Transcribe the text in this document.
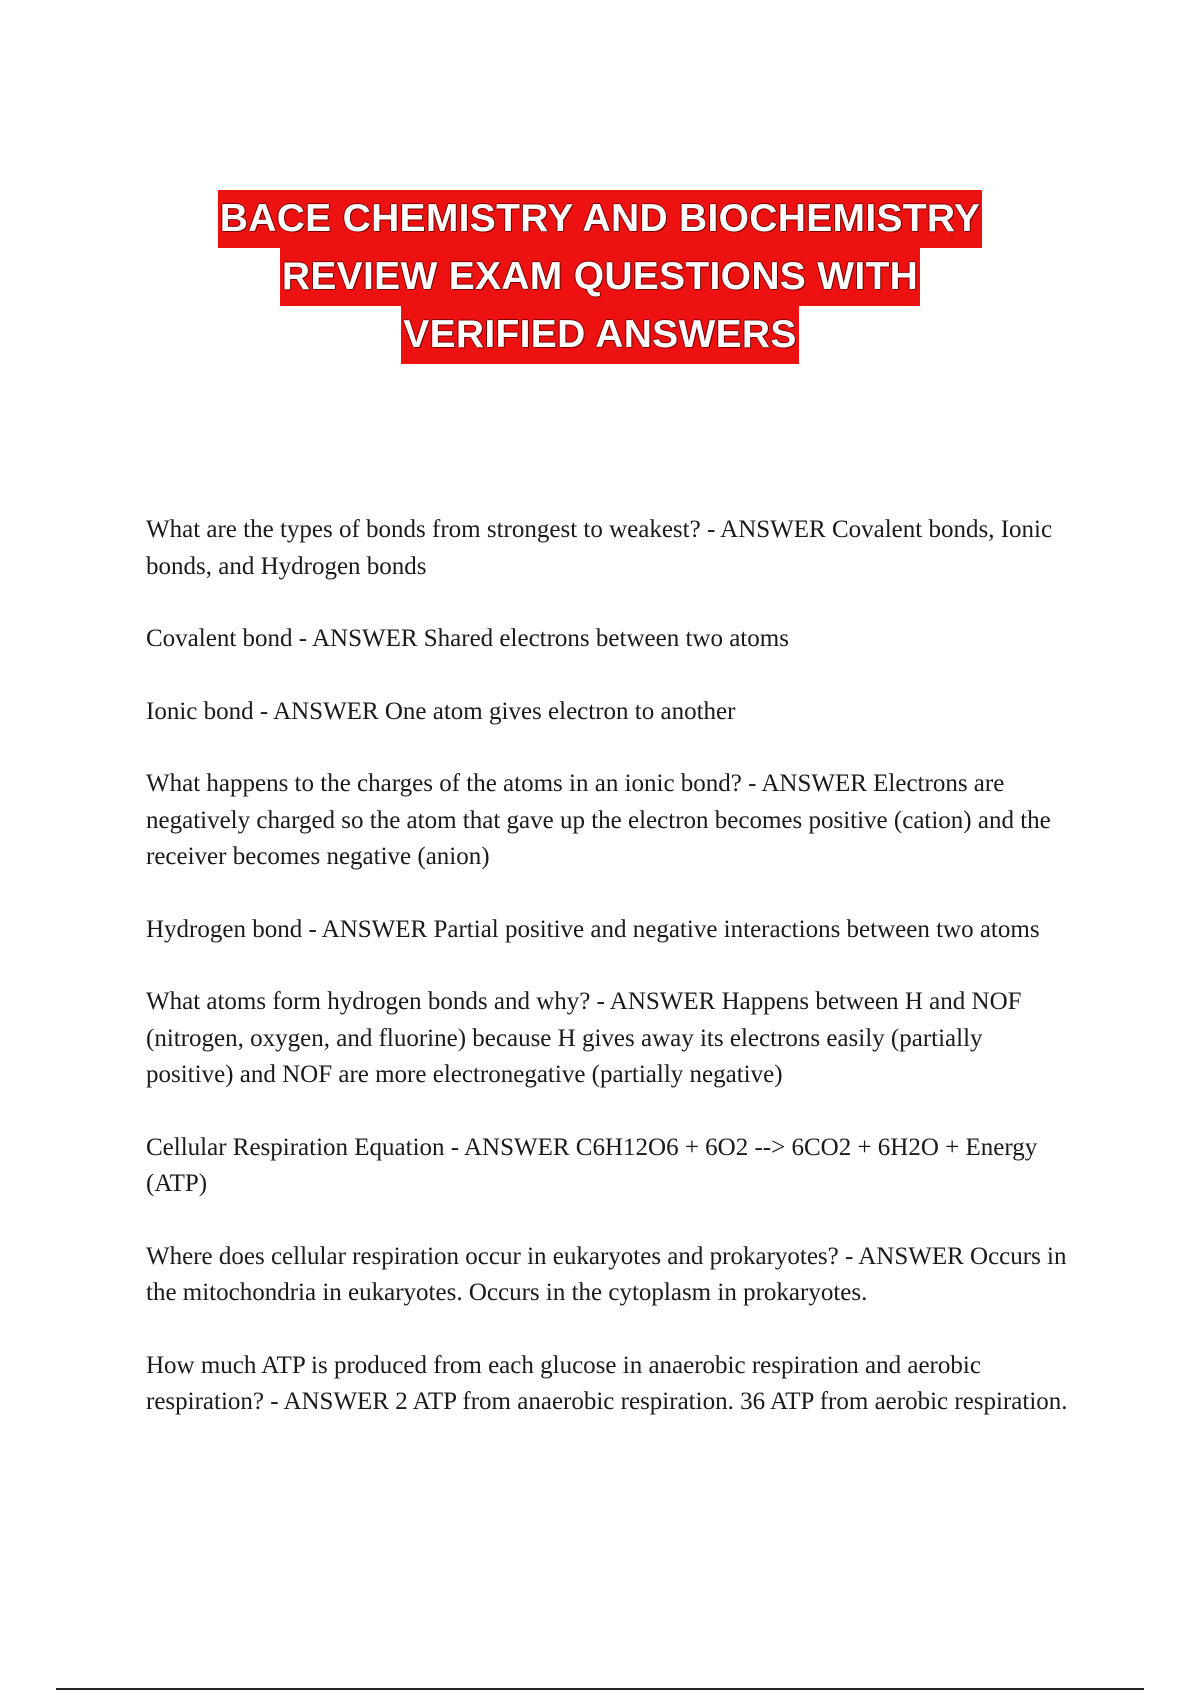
BACE CHEMISTRY AND BIOCHEMISTRY
REVIEW EXAM QUESTIONS WITH
VERIFIED ANSWERS
What are the types of bonds from strongest to weakest? - ANSWER Covalent bonds, Ionic bonds, and Hydrogen bonds
Covalent bond - ANSWER Shared electrons between two atoms
Ionic bond - ANSWER One atom gives electron to another
What happens to the charges of the atoms in an ionic bond? - ANSWER Electrons are negatively charged so the atom that gave up the electron becomes positive (cation) and the receiver becomes negative (anion)
Hydrogen bond - ANSWER Partial positive and negative interactions between two atoms
What atoms form hydrogen bonds and why? - ANSWER Happens between H and NOF (nitrogen, oxygen, and fluorine) because H gives away its electrons easily (partially positive) and NOF are more electronegative (partially negative)
Cellular Respiration Equation - ANSWER C6H12O6 + 6O2 --> 6CO2 + 6H2O + Energy (ATP)
Where does cellular respiration occur in eukaryotes and prokaryotes? - ANSWER Occurs in the mitochondria in eukaryotes. Occurs in the cytoplasm in prokaryotes.
How much ATP is produced from each glucose in anaerobic respiration and aerobic respiration? - ANSWER 2 ATP from anaerobic respiration. 36 ATP from aerobic respiration.
